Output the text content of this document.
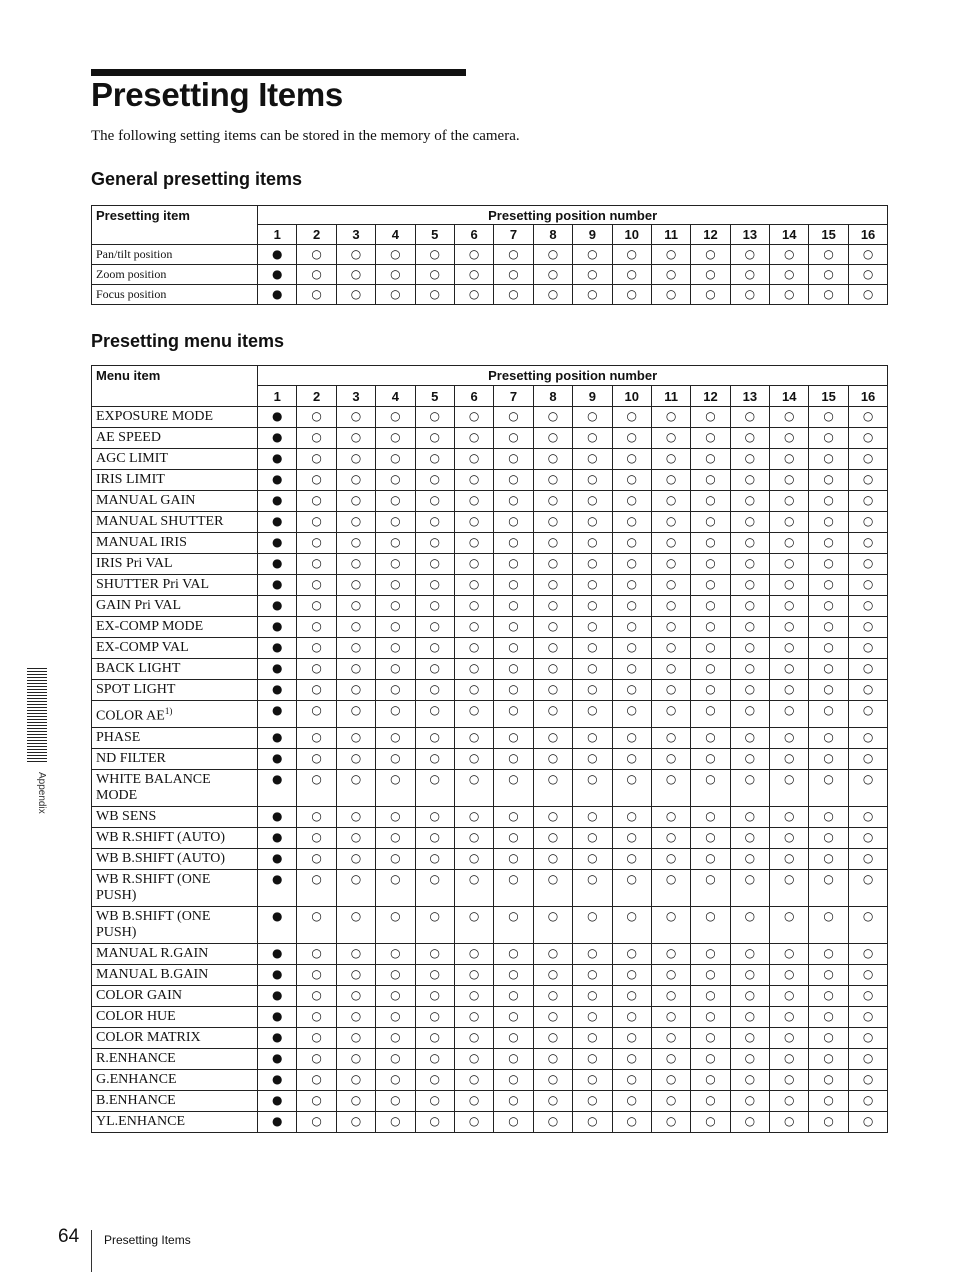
Presetting Items

The following setting items can be stored in the memory of the camera.

General presetting items
Presetting item	Presetting position number															
	1	2	3	4	5	6	7	8	9	10	11	12	13	14	15	16
Pan/tilt position	●	○	○	○	○	○	○	○	○	○	○	○	○	○	○	○
Zoom position	●	○	○	○	○	○	○	○	○	○	○	○	○	○	○	○
Focus position	●	○	○	○	○	○	○	○	○	○	○	○	○	○	○	○
Presetting menu items
Menu item	Presetting position number															
	1	2	3	4	5	6	7	8	9	10	11	12	13	14	15	16
EXPOSURE MODE	●	○	○	○	○	○	○	○	○	○	○	○	○	○	○	○
AE SPEED	●	○	○	○	○	○	○	○	○	○	○	○	○	○	○	○
AGC LIMIT	●	○	○	○	○	○	○	○	○	○	○	○	○	○	○	○
IRIS LIMIT	●	○	○	○	○	○	○	○	○	○	○	○	○	○	○	○
MANUAL GAIN	●	○	○	○	○	○	○	○	○	○	○	○	○	○	○	○
MANUAL SHUTTER	●	○	○	○	○	○	○	○	○	○	○	○	○	○	○	○
MANUAL IRIS	●	○	○	○	○	○	○	○	○	○	○	○	○	○	○	○
IRIS Pri VAL	●	○	○	○	○	○	○	○	○	○	○	○	○	○	○	○
SHUTTER Pri VAL	●	○	○	○	○	○	○	○	○	○	○	○	○	○	○	○
GAIN Pri VAL	●	○	○	○	○	○	○	○	○	○	○	○	○	○	○	○
EX-COMP MODE	●	○	○	○	○	○	○	○	○	○	○	○	○	○	○	○
EX-COMP VAL	●	○	○	○	○	○	○	○	○	○	○	○	○	○	○	○
BACK LIGHT	●	○	○	○	○	○	○	○	○	○	○	○	○	○	○	○
SPOT LIGHT	●	○	○	○	○	○	○	○	○	○	○	○	○	○	○	○
COLOR AE$^{1)}$	●	○	○	○	○	○	○	○	○	○	○	○	○	○	○	○
PHASE	●	○	○	○	○	○	○	○	○	○	○	○	○	○	○	○
ND FILTER	●	○	○	○	○	○	○	○	○	○	○	○	○	○	○	○
WHITE BALANCE MODE	●	○	○	○	○	○	○	○	○	○	○	○	○	○	○	○
WB SENS	●	○	○	○	○	○	○	○	○	○	○	○	○	○	○	○
WB R.SHIFT (AUTO)	●	○	○	○	○	○	○	○	○	○	○	○	○	○	○	○
WB B.SHIFT (AUTO)	●	○	○	○	○	○	○	○	○	○	○	○	○	○	○	○
WB R.SHIFT (ONE PUSH)	●	○	○	○	○	○	○	○	○	○	○	○	○	○	○	○
WB B.SHIFT (ONE PUSH)	●	○	○	○	○	○	○	○	○	○	○	○	○	○	○	○
MANUAL R.GAIN	●	○	○	○	○	○	○	○	○	○	○	○	○	○	○	○
MANUAL B.GAIN	●	○	○	○	○	○	○	○	○	○	○	○	○	○	○	○
COLOR GAIN	●	○	○	○	○	○	○	○	○	○	○	○	○	○	○	○
COLOR HUE	●	○	○	○	○	○	○	○	○	○	○	○	○	○	○	○
COLOR MATRIX	●	○	○	○	○	○	○	○	○	○	○	○	○	○	○	○
R.ENHANCE	●	○	○	○	○	○	○	○	○	○	○	○	○	○	○	○
G.ENHANCE	●	○	○	○	○	○	○	○	○	○	○	○	○	○	○	○
B.ENHANCE	●	○	○	○	○	○	○	○	○	○	○	○	○	○	○	○
YL.ENHANCE	●	○	○	○	○	○	○	○	○	○	○	○	○	○	○	○
Appendix
64 Presetting Items
